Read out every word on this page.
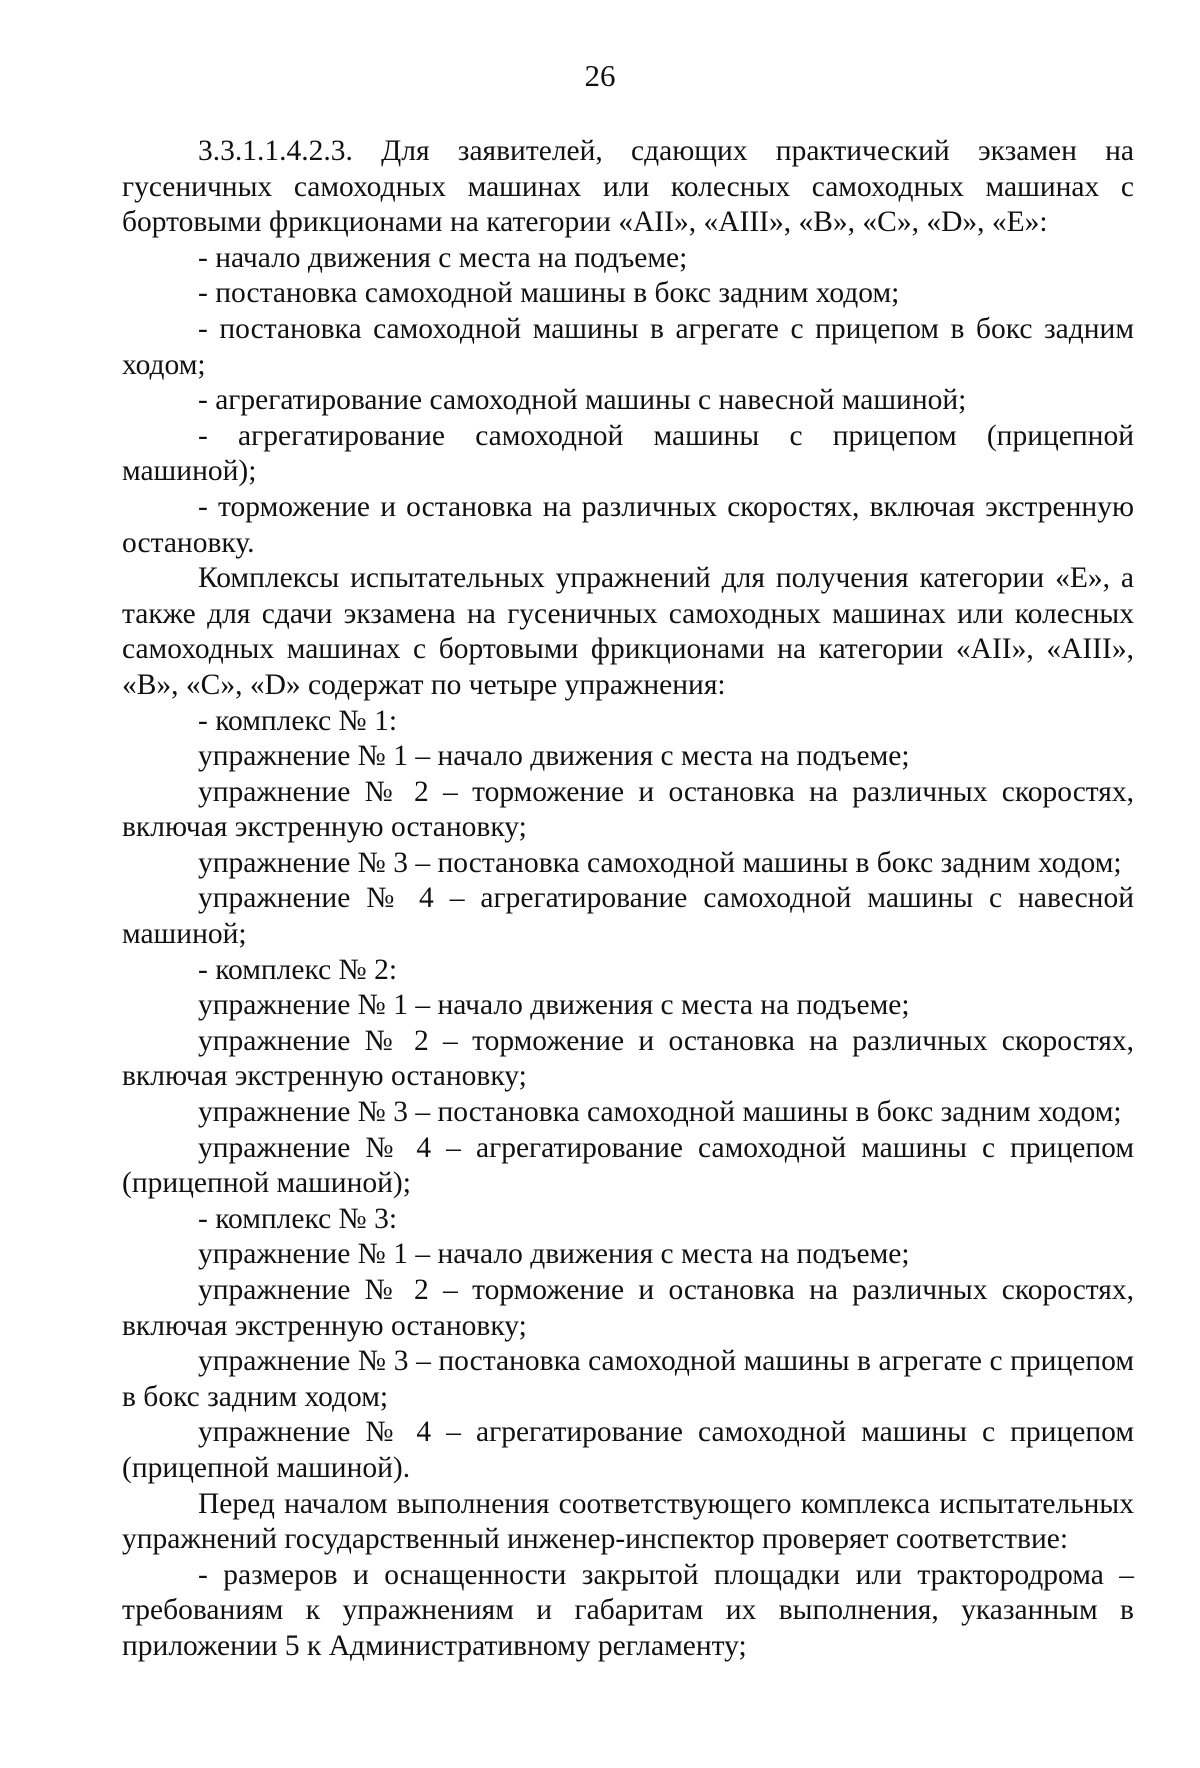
26

3.3.1.1.4.2.3. Для заявителей, сдающих практический экзамен на гусеничных самоходных машинах или колесных самоходных машинах с бортовыми фрикционами на категории «AII», «AIII», «B», «C», «D», «E»:

- начало движения с места на подъеме;

- постановка самоходной машины в бокс задним ходом;

- постановка самоходной машины в агрегате с прицепом в бокс задним ходом;

- агрегатирование самоходной машины с навесной машиной;

- агрегатирование самоходной машины с прицепом (прицепной машиной);

- торможение и остановка на различных скоростях, включая экстренную остановку.

Комплексы испытательных упражнений для получения категории «E», а также для сдачи экзамена на гусеничных самоходных машинах или колесных самоходных машинах с бортовыми фрикционами на категории «AII», «AIII», «B», «C», «D» содержат по четыре упражнения:

- комплекс № 1:

упражнение № 1 – начало движения с места на подъеме;

упражнение № 2 – торможение и остановка на различных скоростях, включая экстренную остановку;

упражнение № 3 – постановка самоходной машины в бокс задним ходом;

упражнение № 4 – агрегатирование самоходной машины с навесной машиной;

- комплекс № 2:

упражнение № 1 – начало движения с места на подъеме;

упражнение № 2 – торможение и остановка на различных скоростях, включая экстренную остановку;

упражнение № 3 – постановка самоходной машины в бокс задним ходом;

упражнение № 4 – агрегатирование самоходной машины с прицепом (прицепной машиной);

- комплекс № 3:

упражнение № 1 – начало движения с места на подъеме;

упражнение № 2 – торможение и остановка на различных скоростях, включая экстренную остановку;

упражнение № 3 – постановка самоходной машины в агрегате с прицепом в бокс задним ходом;

упражнение № 4 – агрегатирование самоходной машины с прицепом (прицепной машиной).

Перед началом выполнения соответствующего комплекса испытательных упражнений государственный инженер-инспектор проверяет соответствие:

- размеров и оснащенности закрытой площадки или трактородрома – требованиям к упражнениям и габаритам их выполнения, указанным в приложении 5 к Административному регламенту;
